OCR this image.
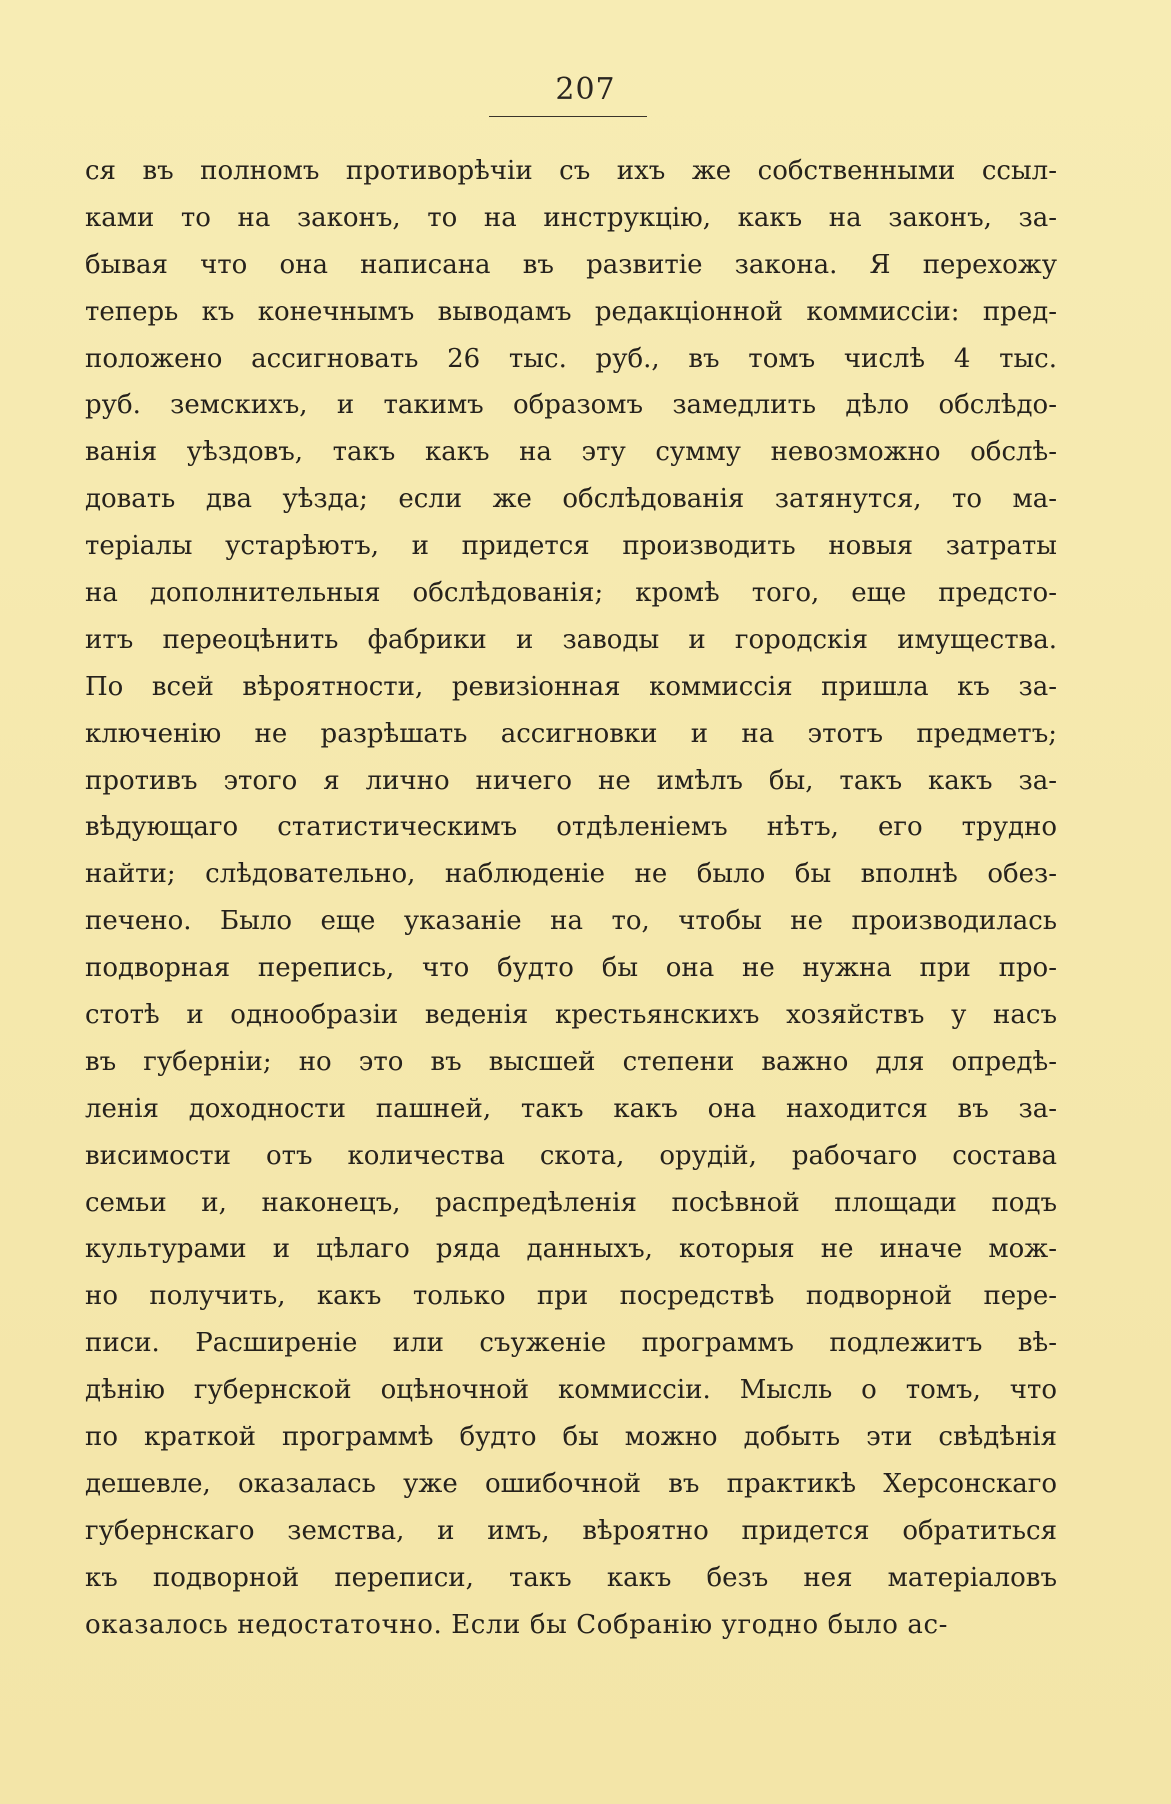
207
ся въ полномъ противорѣчіи съ ихъ же собственными ссыл-
ками то на законъ, то на инструкцію, какъ на законъ, за-
бывая что она написана въ развитіе закона. Я перехожу
теперь къ конечнымъ выводамъ редакціонной коммиссіи: пред-
положено ассигновать 26 тыс. руб., въ томъ числѣ 4 тыс.
руб. земскихъ, и такимъ образомъ замедлить дѣло обслѣдо-
ванія уѣздовъ, такъ какъ на эту сумму невозможно обслѣ-
довать два уѣзда; если же обслѣдованія затянутся, то ма-
теріалы устарѣютъ, и придется производить новыя затраты
на дополнительныя обслѣдованія; кромѣ того, еще предсто-
итъ переоцѣнить фабрики и заводы и городскія имущества.
По всей вѣроятности, ревизіонная коммиссія пришла къ за-
ключенію не разрѣшать ассигновки и на этотъ предметъ;
противъ этого я лично ничего не имѣлъ бы, такъ какъ за-
вѣдующаго статистическимъ отдѣленіемъ нѣтъ, его трудно
найти; слѣдовательно, наблюденіе не было бы вполнѣ обез-
печено. Было еще указаніе на то, чтобы не производилась
подворная перепись, что будто бы она не нужна при про-
стотѣ и однообразіи веденія крестьянскихъ хозяйствъ у насъ
въ губерніи; но это въ высшей степени важно для опредѣ-
ленія доходности пашней, такъ какъ она находится въ за-
висимости отъ количества скота, орудій, рабочаго состава
семьи и, наконецъ, распредѣленія посѣвной площади подъ
культурами и цѣлаго ряда данныхъ, которыя не иначе мож-
но получить, какъ только при посредствѣ подворной пере-
писи. Расширеніе или съуженіе программъ подлежитъ вѣ-
дѣнію губернской оцѣночной коммиссіи. Мысль о томъ, что
по краткой программѣ будто бы можно добыть эти свѣдѣнія
дешевле, оказалась уже ошибочной въ практикѣ Херсонскаго
губернскаго земства, и имъ, вѣроятно придется обратиться
къ подворной переписи, такъ какъ безъ нея матеріаловъ
оказалось недостаточно. Если бы Собранію угодно было ас-
